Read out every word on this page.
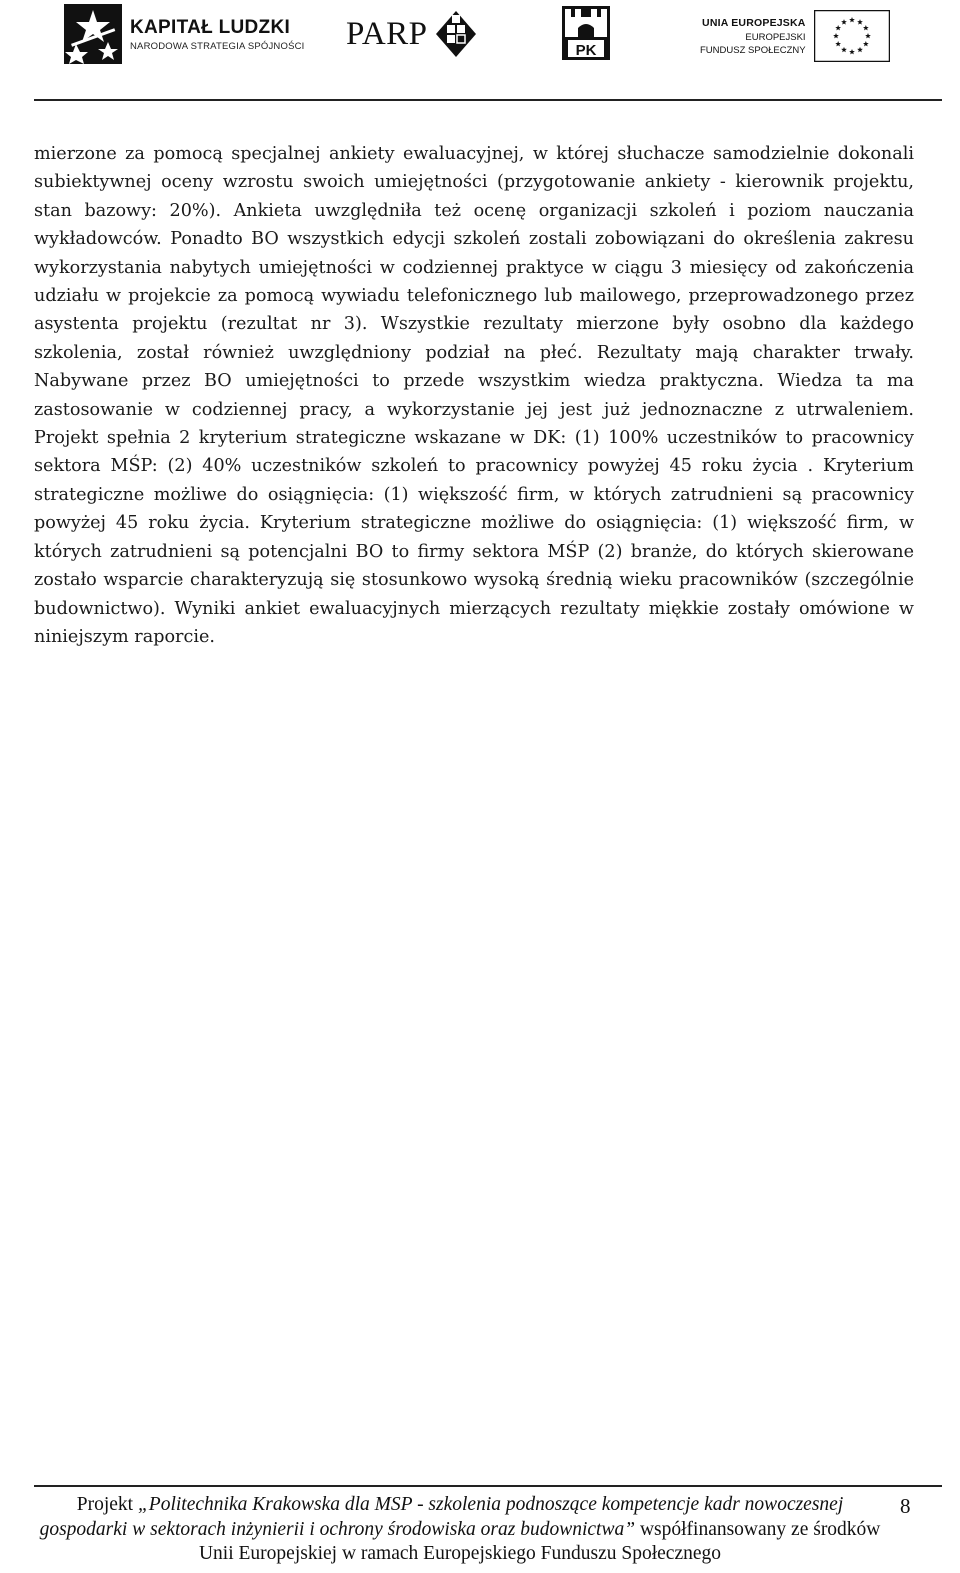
KAPITAŁ LUDZKI
NARODOWA STRATEGIA SPÓJNOŚCI PARP	PK
UNIA EUROPEJSKA
EUROPEJSKI
FUNDUSZ SPOŁECZNY

mierzone za pomocą specjalnej ankiety ewaluacyjnej, w której słuchacze samodzielnie dokonali subiektywnej oceny wzrostu swoich umiejętności (przygotowanie ankiety - kierownik projektu, stan bazowy: 20%). Ankieta uwzględniła też ocenę organizacji szkoleń i poziom nauczania wykładowców. Ponadto BO wszystkich edycji szkoleń zostali zobowiązani do określenia zakresu wykorzystania nabytych umiejętności w codziennej praktyce w ciągu 3 miesięcy od zakończenia udziału w projekcie za pomocą wywiadu telefonicznego lub mailowego, przeprowadzonego przez asystenta projektu (rezultat nr 3). Wszystkie rezultaty mierzone były osobno dla każdego szkolenia, został również uwzględniony podział na płeć. Rezultaty mają charakter trwały. Nabywane przez BO umiejętności to przede wszystkim wiedza praktyczna. Wiedza ta ma zastosowanie w codziennej pracy, a wykorzystanie jej jest już jednoznaczne z utrwaleniem. Projekt spełnia 2 kryterium strategiczne wskazane w DK: (1) 100% uczestników to pracownicy sektora MŚP: (2) 40% uczestników szkoleń to pracownicy powyżej 45 roku życia . Kryterium strategiczne możliwe do osiągnięcia: (1) większość firm, w których zatrudnieni są pracownicy powyżej 45 roku życia. Kryterium strategiczne możliwe do osiągnięcia: (1) większość firm, w których zatrudnieni są potencjalni BO to firmy sektora MŚP (2) branże, do których skierowane zostało wsparcie charakteryzują się stosunkowo wysoką średnią wieku pracowników (szczególnie budownictwo). Wyniki ankiet ewaluacyjnych mierzących rezultaty miękkie zostały omówione w niniejszym raporcie.

Projekt „Politechnika Krakowska dla MSP - szkolenia podnoszące kompetencje kadr nowoczesnej gospodarki w sektorach inżynierii i ochrony środowiska oraz budownictwa” współfinansowany ze środków Unii Europejskiej w ramach Europejskiego Funduszu Społecznego

8
